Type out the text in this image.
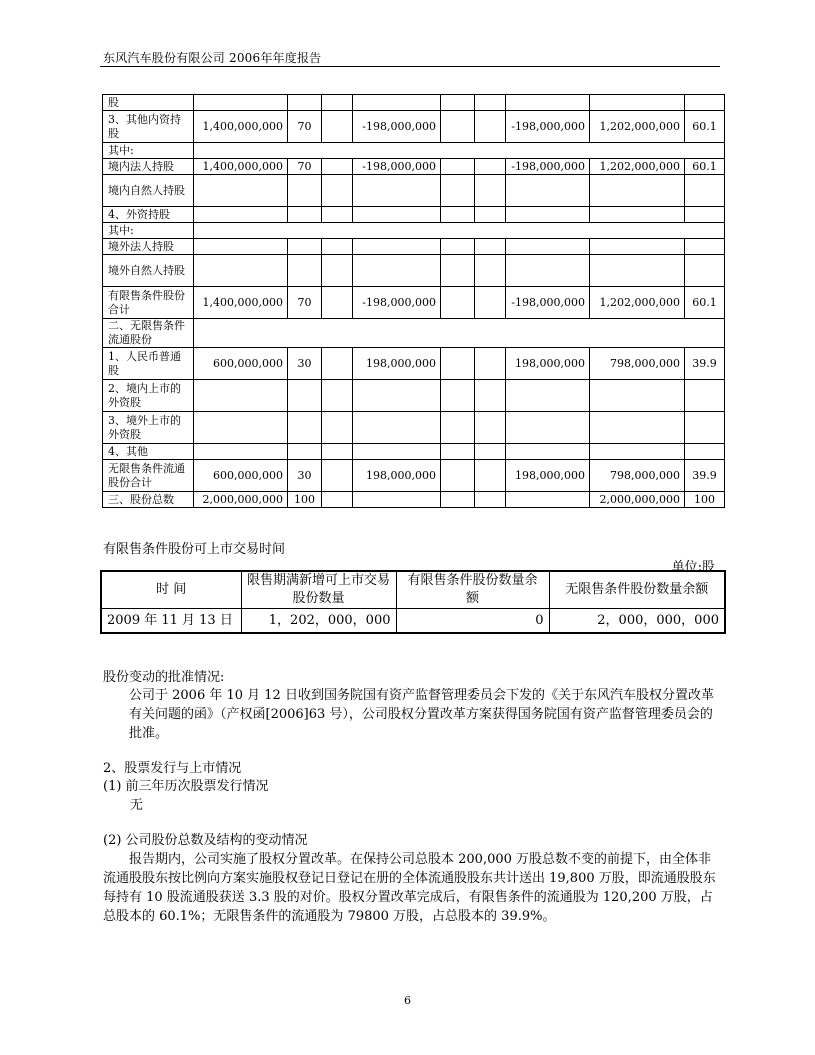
东风汽车股份有限公司 2006年年度报告
股									
3、其他内资持股	1,400,000,000	70		-198,000,000			-198,000,000	1,202,000,000	60.1
其中:									
境内法人持股	1,400,000,000	70		-198,000,000			-198,000,000	1,202,000,000	60.1
境内自然人持股									
4、外资持股									
其中:									
境外法人持股									
境外自然人持股									
有限售条件股份合计	1,400,000,000	70		-198,000,000			-198,000,000	1,202,000,000	60.1
二、无限售条件流通股份									
1、人民币普通股	600,000,000	30		198,000,000			198,000,000	798,000,000	39.9
2、境内上市的外资股									
3、境外上市的外资股									
4、其他									
无限售条件流通股份合计	600,000,000	30		198,000,000			198,000,000	798,000,000	39.9
三、股份总数	2,000,000,000	100						2,000,000,000	100
有限售条件股份可上市交易时间
单位:股
时 间	限售期满新增可上市交易股份数量	有限售条件股份数量余额	无限售条件股份数量余额
2009 年 11 月 13 日	1，202，000，000	0	2，000，000，000
股份变动的批准情况:
公司于 2006 年 10 月 12 日收到国务院国有资产监督管理委员会下发的《关于东风汽车股权分置改革有关问题的函》（产权函[2006]63 号），公司股权分置改革方案获得国务院国有资产监督管理委员会的批准。
2、股票发行与上市情况
(1) 前三年历次股票发行情况
无
(2) 公司股份总数及结构的变动情况
报告期内，公司实施了股权分置改革。在保持公司总股本 200,000 万股总数不变的前提下，由全体非流通股股东按比例向方案实施股权登记日登记在册的全体流通股股东共计送出 19,800 万股，即流通股股东每持有 10 股流通股获送 3.3 股的对价。股权分置改革完成后，有限售条件的流通股为 120,200 万股，占总股本的 60.1%；无限售条件的流通股为 79800 万股，占总股本的 39.9%。
6
